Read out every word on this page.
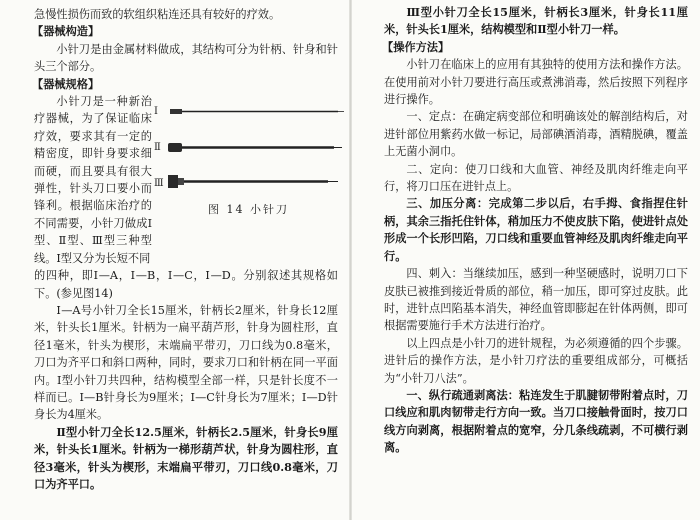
急慢性损伤而致的软组织粘连还具有较好的疗效。

【器械构造】

小针刀是由金属材料做成，其结构可分为针柄、针身和针头三个部分。

【器械规格】

小针刀是一种新治疗器械，为了保证临床疗效，要求其有一定的精密度，即针身要求细而硬，而且要具有很大弹性，针头刀口要小而锋利。根据临床治疗的不同需要，小针刀做成Ⅰ型、Ⅱ型、Ⅲ型三种型线。Ⅰ型又分为长短不同

Ⅰ
Ⅱ
Ⅲ
图 14 小针刀

的四种，即Ⅰ—A，Ⅰ—B，Ⅰ—C，Ⅰ—D。分别叙述其规格如下。(参见图14)

Ⅰ—A号小针刀全长15厘米，针柄长2厘米，针身长12厘米，针头长1厘米。针柄为一扁平葫芦形，针身为圆柱形，直径1毫米，针头为楔形，末端扁平带刃，刀口线为0.8毫米，刀口为齐平口和斜口两种，同时，要求刀口和针柄在同一平面内。Ⅰ型小针刀共四种，结构模型全部一样，只是针长度不一样而已。Ⅰ—B针身长为9厘米；Ⅰ—C针身长为7厘米；Ⅰ—D针身长为4厘米。

Ⅱ型小针刀全长12.5厘米，针柄长2.5厘米，针身长9厘米，针头长1厘米。针柄为一梯形葫芦状，针身为圆柱形，直径3毫米，针头为楔形，末端扁平带刃，刀口线0.8毫米，刀口为齐平口。

Ⅲ型小针刀全长15厘米，针柄长3厘米，针身长11厘米，针头长1厘米，结构模型和Ⅱ型小针刀一样。

【操作方法】

小针刀在临床上的应用有其独特的使用方法和操作方法。在使用前对小针刀要进行高压或煮沸消毒，然后按照下列程序进行操作。

一、定点：在确定病变部位和明确该处的解剖结构后，对进针部位用紫药水做一标记，局部碘酒消毒，酒精脱碘，覆盖上无菌小洞巾。

二、定向：使刀口线和大血管、神经及肌肉纤维走向平行，将刀口压在进针点上。

三、加压分离：完成第二步以后，右手拇、食指捏住针柄，其余三指托住针体，稍加压力不使皮肤下陷，使进针点处形成一个长形凹陷，刀口线和重要血管神经及肌肉纤维走向平行。

四、刺入：当继续加压，感到一种坚硬感时，说明刀口下皮肤已被推到接近骨质的部位，稍一加压，即可穿过皮肤。此时，进针点凹陷基本消失，神经血管即膨起在针体两侧，即可根据需要施行手术方法进行治疗。

以上四点是小针刀的进针规程，为必须遵循的四个步骤。进针后的操作方法，是小针刀疗法的重要组成部分，可概括为“小针刀八法”。

一、纵行疏通剥离法：粘连发生于肌腱韧带附着点时，刀口线应和肌肉韧带走行方向一致。当刀口接触骨面时，按刀口线方向剥离，根据附着点的宽窄，分几条线疏剥，不可横行剥离。
